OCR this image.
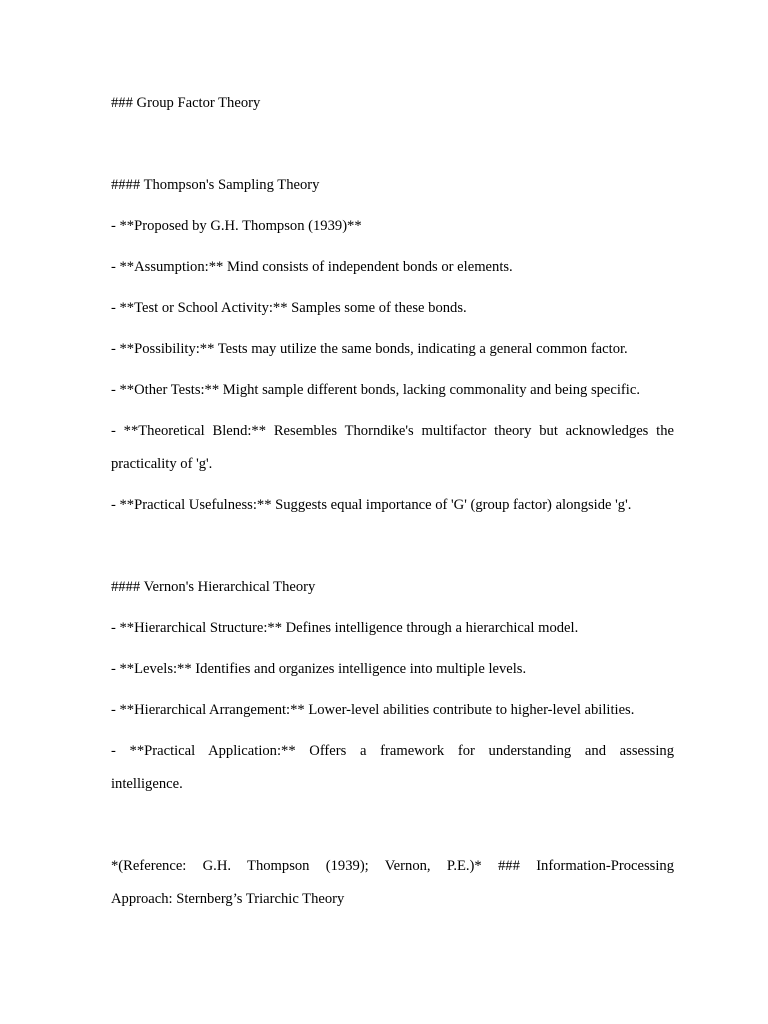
### Group Factor Theory
#### Thompson's Sampling Theory
- **Proposed by G.H. Thompson (1939)**
- **Assumption:** Mind consists of independent bonds or elements.
- **Test or School Activity:** Samples some of these bonds.
- **Possibility:** Tests may utilize the same bonds, indicating a general common factor.
- **Other Tests:** Might sample different bonds, lacking commonality and being specific.
- **Theoretical Blend:** Resembles Thorndike's multifactor theory but acknowledges the
practicality of 'g'.
- **Practical Usefulness:** Suggests equal importance of 'G' (group factor) alongside 'g'.
#### Vernon's Hierarchical Theory
- **Hierarchical Structure:** Defines intelligence through a hierarchical model.
- **Levels:** Identifies and organizes intelligence into multiple levels.
- **Hierarchical Arrangement:** Lower-level abilities contribute to higher-level abilities.
- **Practical Application:** Offers a framework for understanding and assessing
intelligence.
*(Reference: G.H. Thompson (1939); Vernon, P.E.)* ### Information-Processing
Approach: Sternberg’s Triarchic Theory
